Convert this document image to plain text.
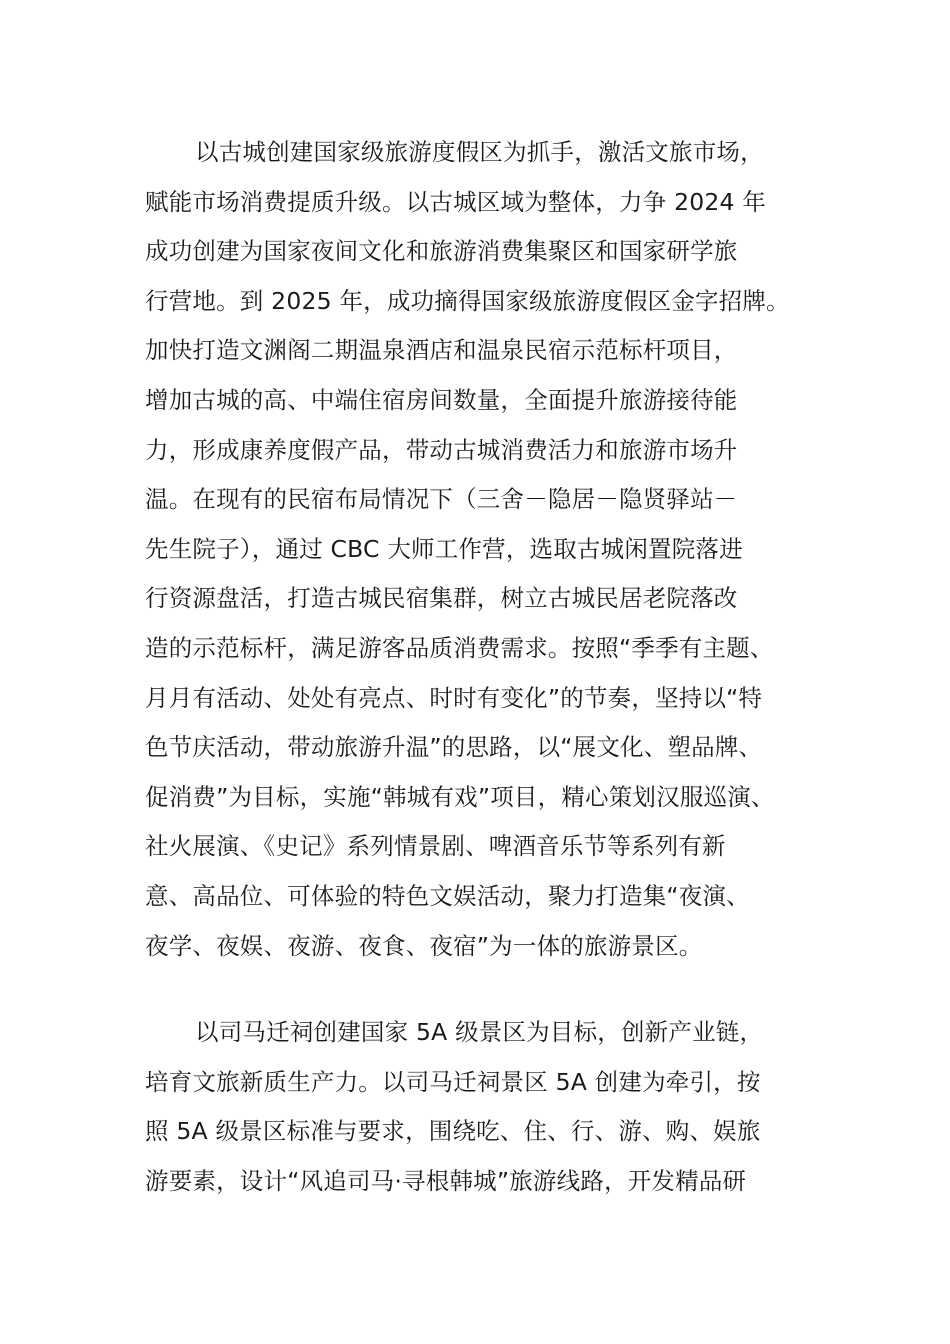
以古城创建国家级旅游度假区为抓手，激活文旅市场，
赋能市场消费提质升级。以古城区域为整体，力争 2024 年
成功创建为国家夜间文化和旅游消费集聚区和国家研学旅
行营地。到 2025 年，成功摘得国家级旅游度假区金字招牌。
加快打造文渊阁二期温泉酒店和温泉民宿示范标杆项目，
增加古城的高、中端住宿房间数量，全面提升旅游接待能
力，形成康养度假产品，带动古城消费活力和旅游市场升
温。在现有的民宿布局情况下（三舍－隐居－隐贤驿站－
先生院子），通过 CBC 大师工作营，选取古城闲置院落进
行资源盘活，打造古城民宿集群，树立古城民居老院落改
造的示范标杆，满足游客品质消费需求。按照“季季有主题、
月月有活动、处处有亮点、时时有变化”的节奏，坚持以“特
色节庆活动，带动旅游升温”的思路，以“展文化、塑品牌、
促消费”为目标，实施“韩城有戏”项目，精心策划汉服巡演、
社火展演、《史记》系列情景剧、啤酒音乐节等系列有新
意、高品位、可体验的特色文娱活动，聚力打造集“夜演、
夜学、夜娱、夜游、夜食、夜宿”为一体的旅游景区。
以司马迁祠创建国家 5A 级景区为目标，创新产业链，
培育文旅新质生产力。以司马迁祠景区 5A 创建为牵引，按
照 5A 级景区标准与要求，围绕吃、住、行、游、购、娱旅
游要素，设计“风追司马·寻根韩城”旅游线路，开发精品研
